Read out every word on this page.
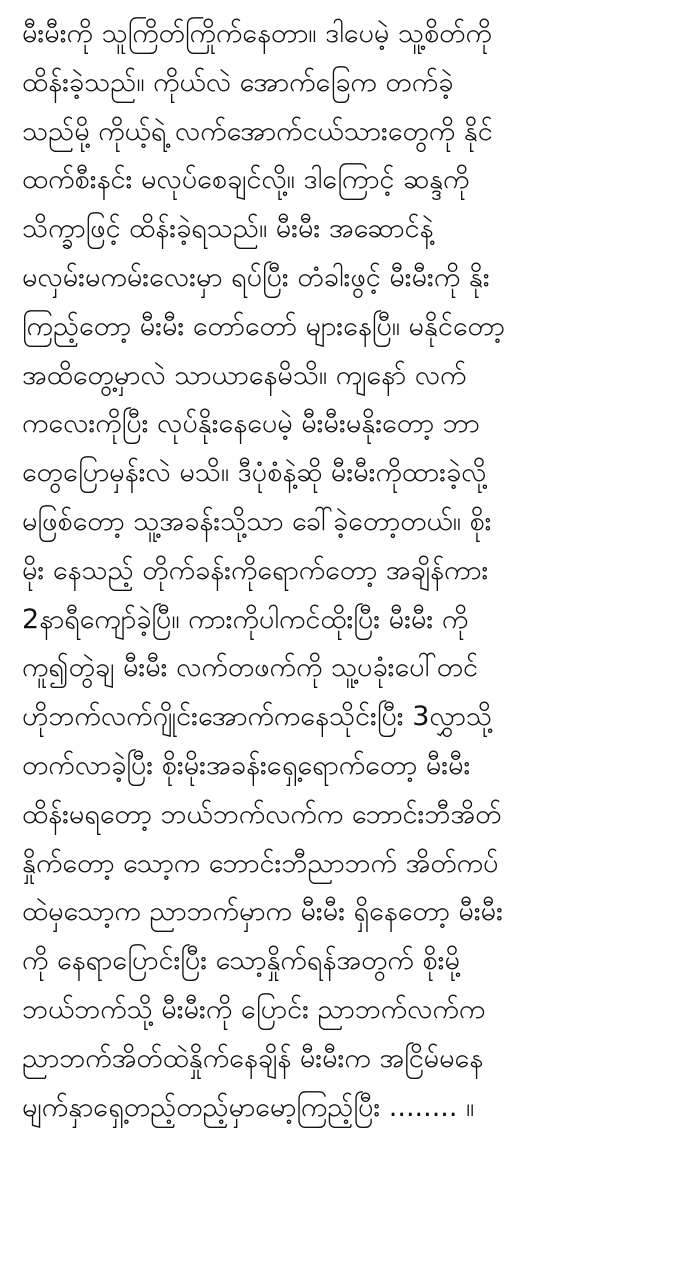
မီးမီးကို သူကြိတ်ကြိုက်နေတာ။ ဒါပေမဲ့ သူ့စိတ်ကို
ထိန်းခဲ့သည်။ ကိုယ်လဲ အောက်ခြေက တက်ခဲ့
သည်မို့ ကိုယ့်ရဲ့ လက်အောက်ငယ်သားတွေကို နိုင်
ထက်စီးနင်း မလုပ်စေချင်လို့။ ဒါကြောင့် ဆန္ဒကို
သိက္ခာဖြင့် ထိန်းခဲ့ရသည်။ မီးမီး အဆောင်နဲ့
မလှမ်းမကမ်းလေးမှာ ရပ်ပြီး တံခါးဖွင့် မီးမီးကို နိုး
ကြည့်တော့ မီးမီး တော်တော် များနေပြီ။ မနိုင်တော့
အထိတွေ့မှာလဲ သာယာနေမိသိ။ ကျနော် လက်
ကလေးကိုပြီး လုပ်နိုးနေပေမဲ့ မီးမီးမနိုးတော့ ဘာ
တွေပြောမှန်းလဲ မသိ။ ဒီပုံစံနဲ့ဆို မီးမီးကိုထားခဲ့လို့
မဖြစ်တော့ သူ့အခန်းသို့သာ ခေါ်ခဲ့တော့တယ်။ စိုး
မိုး နေသည့် တိုက်ခန်းကိုရောက်တော့ အချိန်ကား
2နာရီကျော်ခဲ့ပြီ။ ကားကိုပါကင်ထိုးပြီး မီးမီး ကို
ကူ၍တွဲချ မီးမီး လက်တဖက်ကို သူ့ပခုံးပေါ်တင်
ဟိုဘက်လက်ဂျိုင်းအောက်ကနေသိုင်းပြီး 3လွှာသို့
တက်လာခဲ့ပြီး စိုးမိုးအခန်းရှေ့ရောက်တော့ မီးမီး
ထိန်းမရတော့ ဘယ်ဘက်လက်က ဘောင်းဘီအိတ်
နှိုက်တော့ သော့က ဘောင်းဘီညာဘက် အိတ်ကပ်
ထဲမှသော့က ညာဘက်မှာက မီးမီး ရှိနေတော့ မီးမီး
ကို နေရာပြောင်းပြီး သော့နှိုက်ရန်အတွက် စိုးမို့
ဘယ်ဘက်သို့ မီးမီးကို ပြောင်း ညာဘက်လက်က
ညာဘက်အိတ်ထဲနှိုက်နေချိန် မီးမီးက အငြိမ်မနေ
မျက်နှာရှေ့တည့်တည့်မှာမော့ကြည့်ပြီး ........ ။
